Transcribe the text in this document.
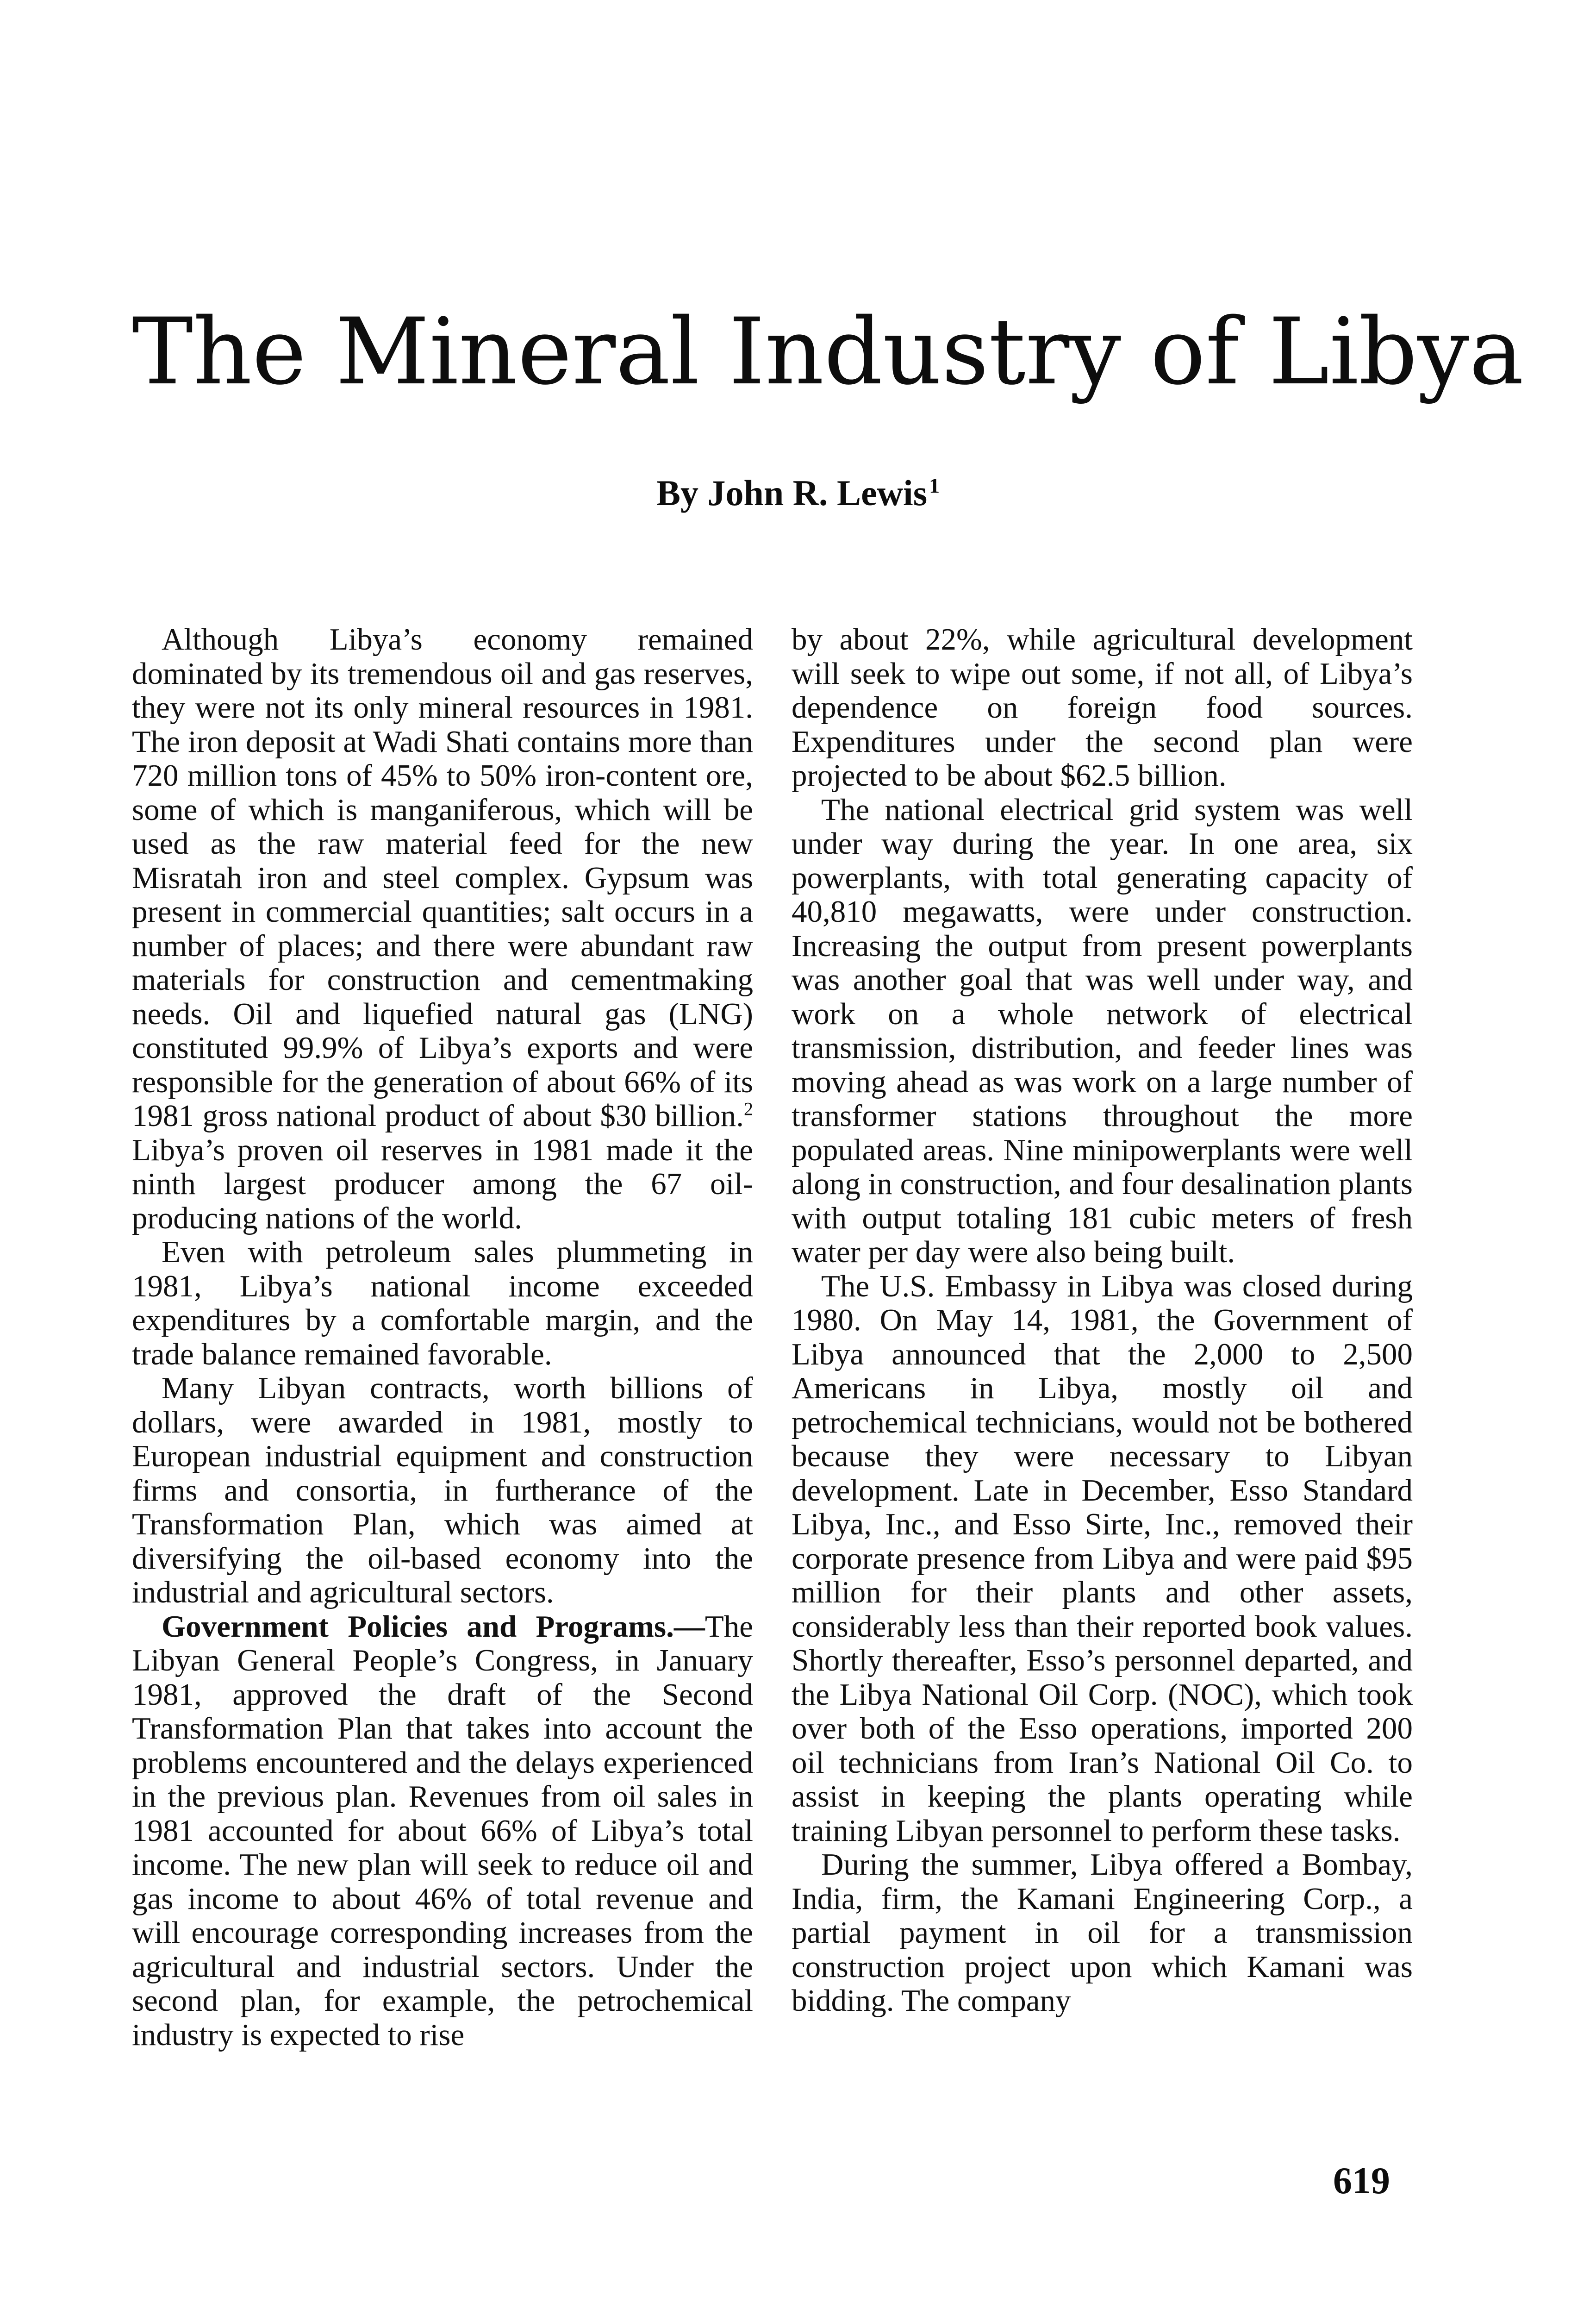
The Mineral Industry of Libya
By John R. Lewis$^1$

Although Libya’s economy remained dominated by its tremendous oil and gas reserves, they were not its only mineral resources in 1981. The iron deposit at Wadi Shati contains more than 720 million tons of 45% to 50% iron-content ore, some of which is manganiferous, which will be used as the raw material feed for the new Misratah iron and steel complex. Gypsum was present in commercial quantities; salt occurs in a number of places; and there were abundant raw materials for construction and cementmaking needs. Oil and liquefied natural gas (LNG) constituted 99.9% of Libya’s exports and were responsible for the generation of about 66% of its 1981 gross national product of about $30 billion.$^2$ Libya’s proven oil reserves in 1981 made it the ninth largest producer among the 67 oil-producing nations of the world.

Even with petroleum sales plummeting in 1981, Libya’s national income exceeded expenditures by a comfortable margin, and the trade balance remained favorable.

Many Libyan contracts, worth billions of dollars, were awarded in 1981, mostly to European industrial equipment and construction firms and consortia, in furtherance of the Transformation Plan, which was aimed at diversifying the oil-based economy into the industrial and agricultural sectors.

Government Policies and Programs.—The Libyan General People’s Congress, in January 1981, approved the draft of the Second Transformation Plan that takes into account the problems encountered and the delays experienced in the previous plan. Revenues from oil sales in 1981 accounted for about 66% of Libya’s total income. The new plan will seek to reduce oil and gas income to about 46% of total revenue and will encourage corresponding increases from the agricultural and industrial sectors. Under the second plan, for example, the petrochemical industry is expected to rise

by about 22%, while agricultural development will seek to wipe out some, if not all, of Libya’s dependence on foreign food sources. Expenditures under the second plan were projected to be about $62.5 billion.

The national electrical grid system was well under way during the year. In one area, six powerplants, with total generating capacity of 40,810 megawatts, were under construction. Increasing the output from present powerplants was another goal that was well under way, and work on a whole network of electrical transmission, distribution, and feeder lines was moving ahead as was work on a large number of transformer stations throughout the more populated areas. Nine minipowerplants were well along in construction, and four desalination plants with output totaling 181 cubic meters of fresh water per day were also being built.

The U.S. Embassy in Libya was closed during 1980. On May 14, 1981, the Government of Libya announced that the 2,000 to 2,500 Americans in Libya, mostly oil and petrochemical technicians, would not be bothered because they were necessary to Libyan development. Late in December, Esso Standard Libya, Inc., and Esso Sirte, Inc., removed their corporate presence from Libya and were paid $95 million for their plants and other assets, considerably less than their reported book values. Shortly thereafter, Esso’s personnel departed, and the Libya National Oil Corp. (NOC), which took over both of the Esso operations, imported 200 oil technicians from Iran’s National Oil Co. to assist in keeping the plants operating while training Libyan personnel to perform these tasks.

During the summer, Libya offered a Bombay, India, firm, the Kamani Engineering Corp., a partial payment in oil for a transmission construction project upon which Kamani was bidding. The company

619
